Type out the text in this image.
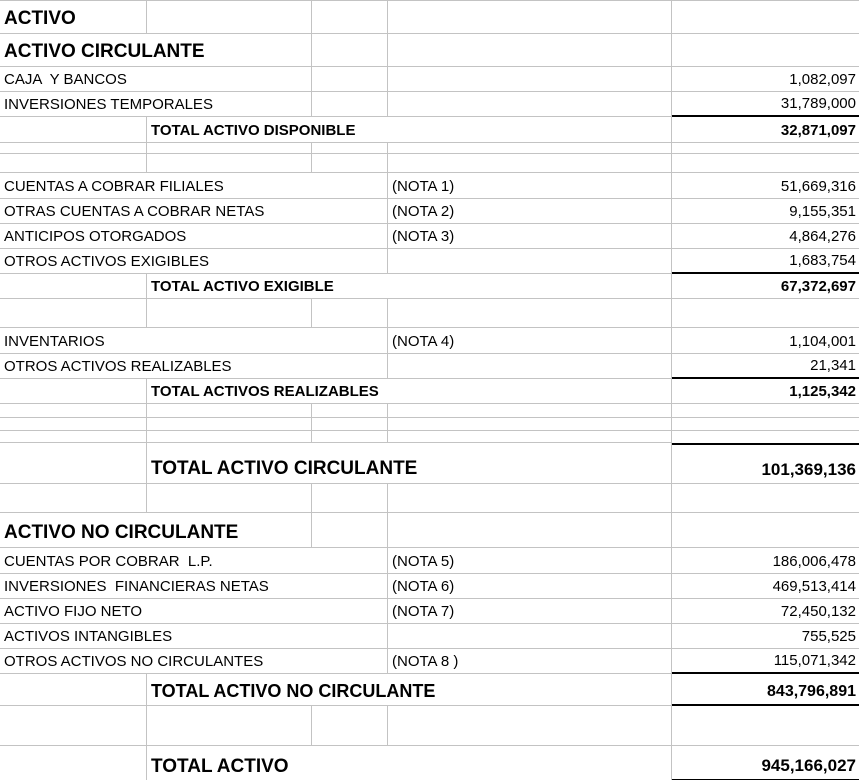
ACTIVO
ACTIVO CIRCULANTE
CAJA  Y BANCOS	1,082,097
INVERSIONES TEMPORALES	31,789,000
TOTAL ACTIVO DISPONIBLE	32,871,097
CUENTAS A COBRAR FILIALES	(NOTA 1)	51,669,316
OTRAS CUENTAS A COBRAR NETAS	(NOTA 2)	9,155,351
ANTICIPOS OTORGADOS	(NOTA 3)	4,864,276
OTROS ACTIVOS EXIGIBLES	1,683,754
TOTAL ACTIVO EXIGIBLE	67,372,697
INVENTARIOS	(NOTA 4)	1,104,001
OTROS ACTIVOS REALIZABLES	21,341
TOTAL ACTIVOS REALIZABLES	1,125,342
TOTAL ACTIVO CIRCULANTE	101,369,136
ACTIVO NO CIRCULANTE
CUENTAS POR COBRAR  L.P.	(NOTA 5)	186,006,478
INVERSIONES  FINANCIERAS NETAS	(NOTA 6)	469,513,414
ACTIVO FIJO NETO	(NOTA 7)	72,450,132
ACTIVOS INTANGIBLES	755,525
OTROS ACTIVOS NO CIRCULANTES	(NOTA 8 )	115,071,342
TOTAL ACTIVO NO CIRCULANTE	843,796,891
TOTAL ACTIVO	945,166,027
